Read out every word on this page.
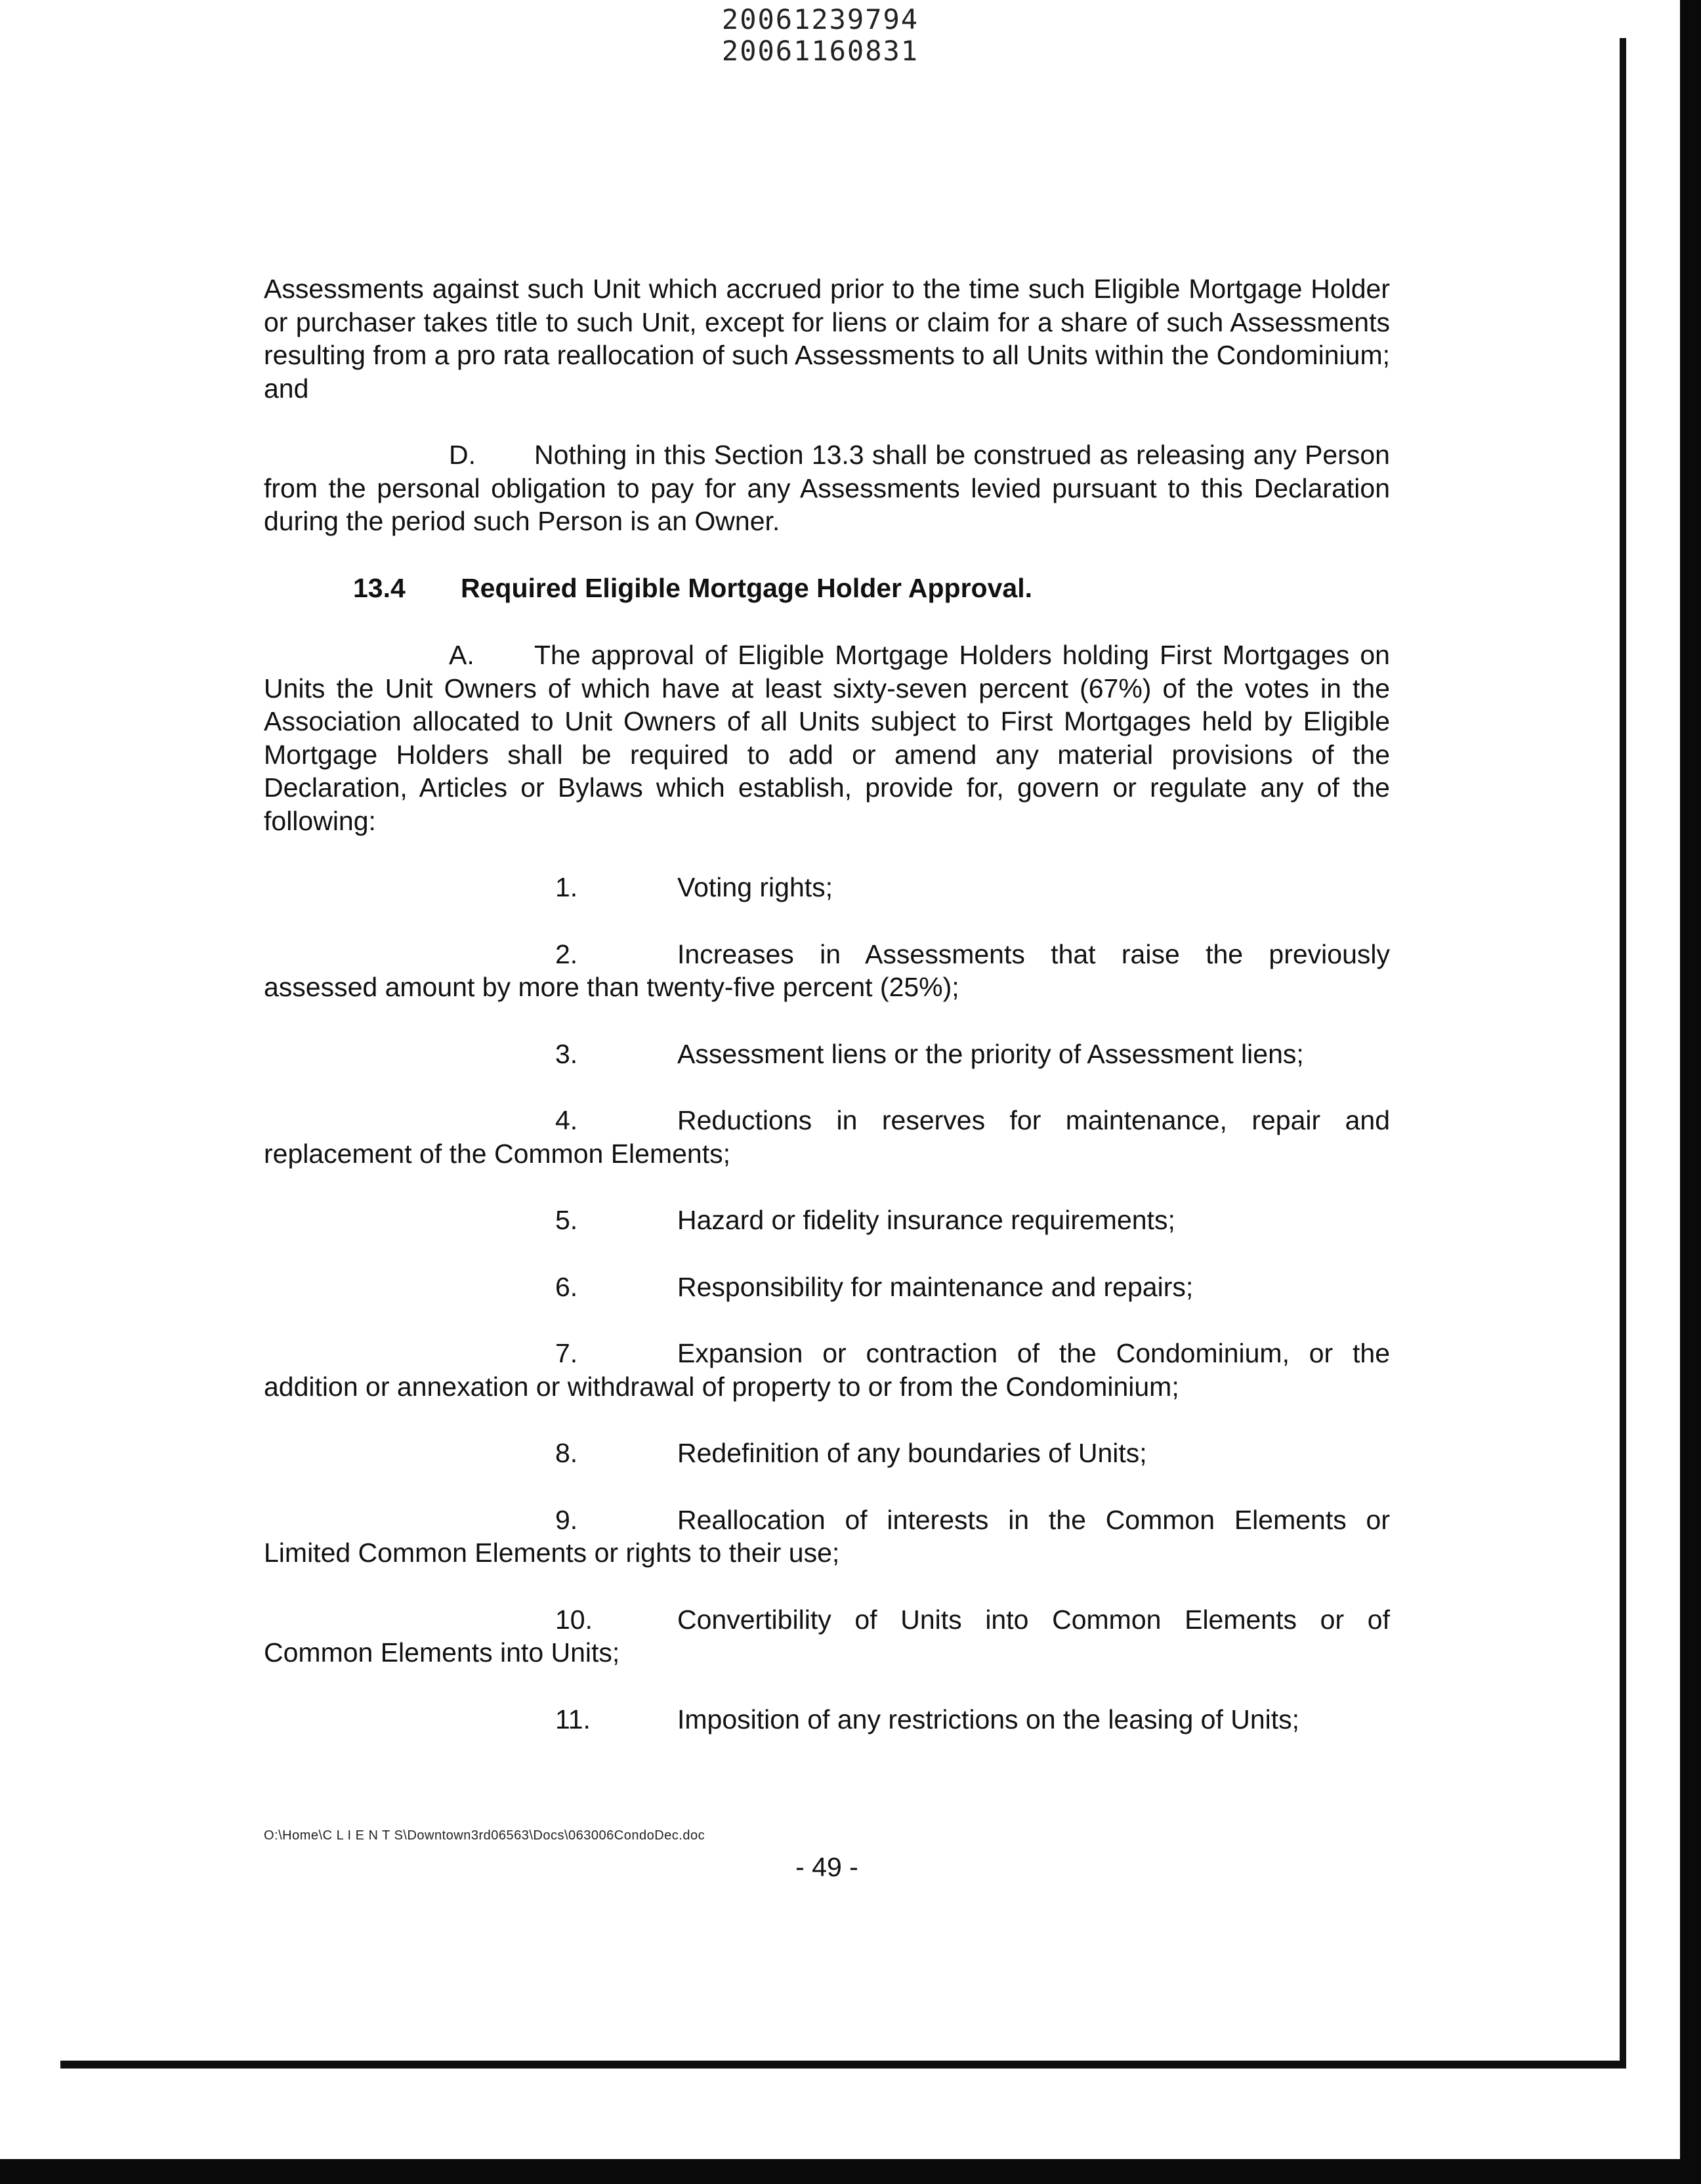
20061239794
20061160831

Assessments against such Unit which accrued prior to the time such Eligible Mortgage Holder or purchaser takes title to such Unit, except for liens or claim for a share of such Assessments resulting from a pro rata reallocation of such Assessments to all Units within the Condominium; and

D. Nothing in this Section 13.3 shall be construed as releasing any Person from the personal obligation to pay for any Assessments levied pursuant to this Declaration during the period such Person is an Owner.

13.4 Required Eligible Mortgage Holder Approval.

A. The approval of Eligible Mortgage Holders holding First Mortgages on Units the Unit Owners of which have at least sixty-seven percent (67%) of the votes in the Association allocated to Unit Owners of all Units subject to First Mortgages held by Eligible Mortgage Holders shall be required to add or amend any material provisions of the Declaration, Articles or Bylaws which establish, provide for, govern or regulate any of the following:

1.	Voting rights;

2.	Increases in Assessments that raise the previously assessed amount by more than twenty-five percent (25%);

3.	Assessment liens or the priority of Assessment liens;

4.	Reductions in reserves for maintenance, repair and replacement of the Common Elements;

5.	Hazard or fidelity insurance requirements;

6.	Responsibility for maintenance and repairs;

7.	Expansion or contraction of the Condominium, or the addition or annexation or withdrawal of property to or from the Condominium;

8.	Redefinition of any boundaries of Units;

9.	Reallocation of interests in the Common Elements or Limited Common Elements or rights to their use;

10.	Convertibility of Units into Common Elements or of Common Elements into Units;

11.	Imposition of any restrictions on the leasing of Units;

O:\Home\C L I E N T S\Downtown3rd06563\Docs\063006CondoDec.doc
- 49 -
